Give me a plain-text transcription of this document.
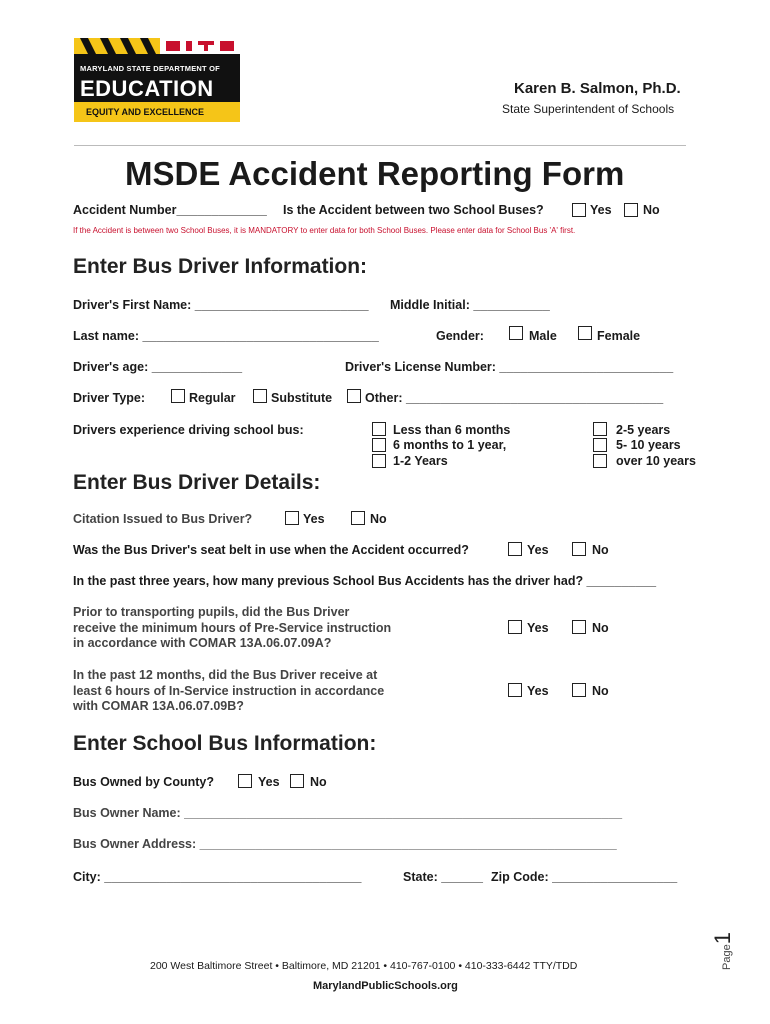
MARYLAND STATE DEPARTMENT OF
EDUCATION
EQUITY AND EXCELLENCE
Karen B. Salmon, Ph.D.
State Superintendent of Schools
MSDE Accident Reporting Form
Accident Number_____________ Is the Accident between two School Buses?	Yes	No
If the Accident is between two School Buses, it is MANDATORY to enter data for both School Buses. Please enter data for School Bus 'A' first.
Enter Bus Driver Information:
Driver's First Name: _________________________ Middle Initial: ___________
Last name: __________________________________	Gender:	Male	Female
Driver's age: _____________	Driver's License Number: _________________________
Driver Type:	Regular	Substitute	Other: _____________________________________
Drivers experience driving school bus:	Less than 6 months
6 months to 1 year,
1-2 Years
2-5 years
5- 10 years
over 10 years
Enter Bus Driver Details:
Citation Issued to Bus Driver?	Yes	No
Was the Bus Driver's seat belt in use when the Accident occurred?	Yes	No
In the past three years, how many previous School Bus Accidents has the driver had? __________
Prior to transporting pupils, did the Bus Driver
receive the minimum hours of Pre-Service instruction
in accordance with COMAR 13A.06.07.09A?
Yes	No
In the past 12 months, did the Bus Driver receive at
least 6 hours of In-Service instruction in accordance
with COMAR 13A.06.07.09B?
Yes	No
Enter School Bus Information:
Bus Owned by County?	Yes No
Bus Owner Name: _______________________________________________________________
Bus Owner Address: ____________________________________________________________
City: _____________________________________	State: ______ Zip Code: __________________
Page1
200 West Baltimore Street • Baltimore, MD 21201 • 410-767-0100 • 410-333-6442 TTY/TDD
MarylandPublicSchools.org
